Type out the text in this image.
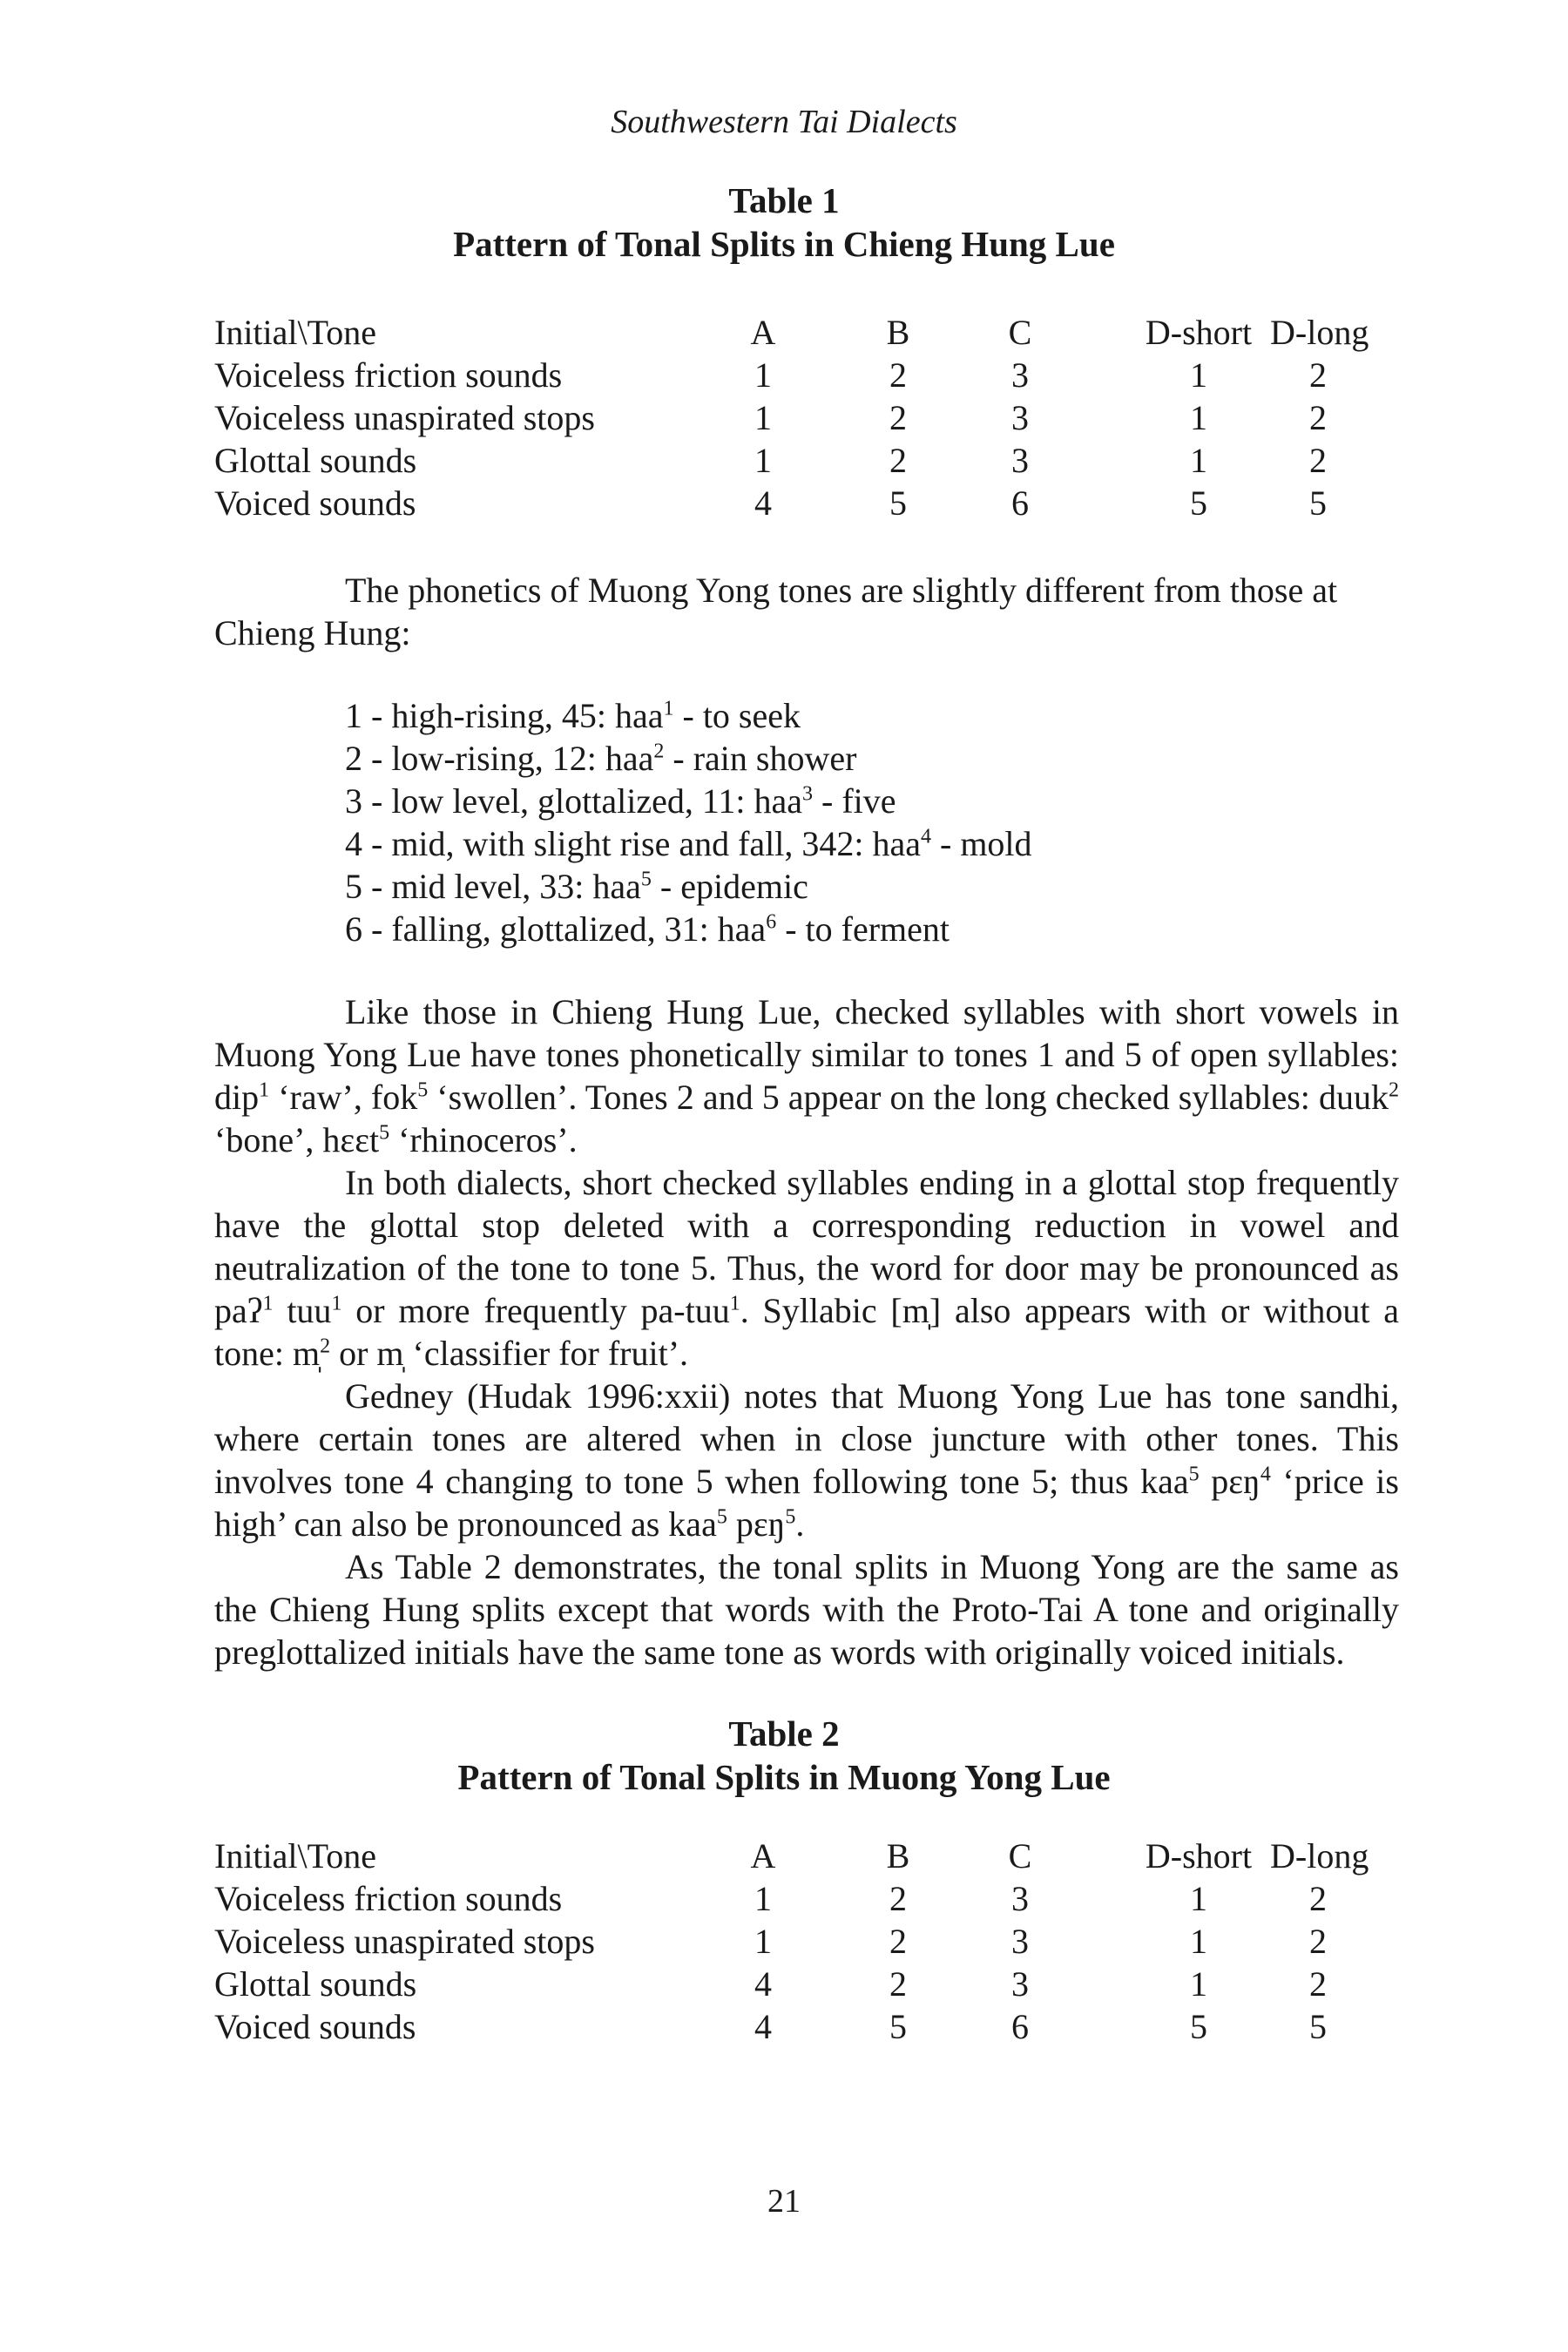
Southwestern Tai Dialects
Table 1
Pattern of Tonal Splits in Chieng Hung Lue
Initial\Tone	A	B	C	D-short D-long
Voiceless friction sounds	1	2	3	1	2
Voiceless unaspirated stops	1	2	3	1	2
Glottal sounds	1	2	3	1	2
Voiced sounds	4	5	6	5	5
The phonetics of Muong Yong tones are slightly different from those at
Chieng Hung:
1 - high-rising, 45: haa$^1$ - to seek
2 - low-rising, 12: haa$^2$ - rain shower
3 - low level, glottalized, 11: haa$^3$ - five
4 - mid, with slight rise and fall, 342: haa$^4$ - mold
5 - mid level, 33: haa$^5$ - epidemic
6 - falling, glottalized, 31: haa$^6$ - to ferment

Like those in Chieng Hung Lue, checked syllables with short vowels in Muong Yong Lue have tones phonetically similar to tones 1 and 5 of open syllables: dip$^1$ ‘raw’, fok$^5$ ‘swollen’. Tones 2 and 5 appear on the long checked syllables: duuk$^2$ ‘bone’, hɛɛt$^5$ ‘rhinoceros’.

In both dialects, short checked syllables ending in a glottal stop frequently have the glottal stop deleted with a corresponding reduction in vowel and neutralization of the tone to tone 5. Thus, the word for door may be pronounced as paʔ$^1$ tuu$^1$ or more frequently pa-tuu$^1$. Syllabic [m̩] also appears with or without a tone: m̩$^2$ or m̩ ‘classifier for fruit’.

Gedney (Hudak 1996:xxii) notes that Muong Yong Lue has tone sandhi, where certain tones are altered when in close juncture with other tones. This involves tone 4 changing to tone 5 when following tone 5; thus kaa$^5$ pɛŋ$^4$ ‘price is high’ can also be pronounced as kaa$^5$ pɛŋ$^5$.

As Table 2 demonstrates, the tonal splits in Muong Yong are the same as the Chieng Hung splits except that words with the Proto-Tai A tone and originally preglottalized initials have the same tone as words with originally voiced initials.

Table 2
Pattern of Tonal Splits in Muong Yong Lue
Initial\Tone	A	B	C	D-short D-long
Voiceless friction sounds	1	2	3	1	2
Voiceless unaspirated stops	1	2	3	1	2
Glottal sounds	4	2	3	1	2
Voiced sounds	4	5	6	5	5
21
